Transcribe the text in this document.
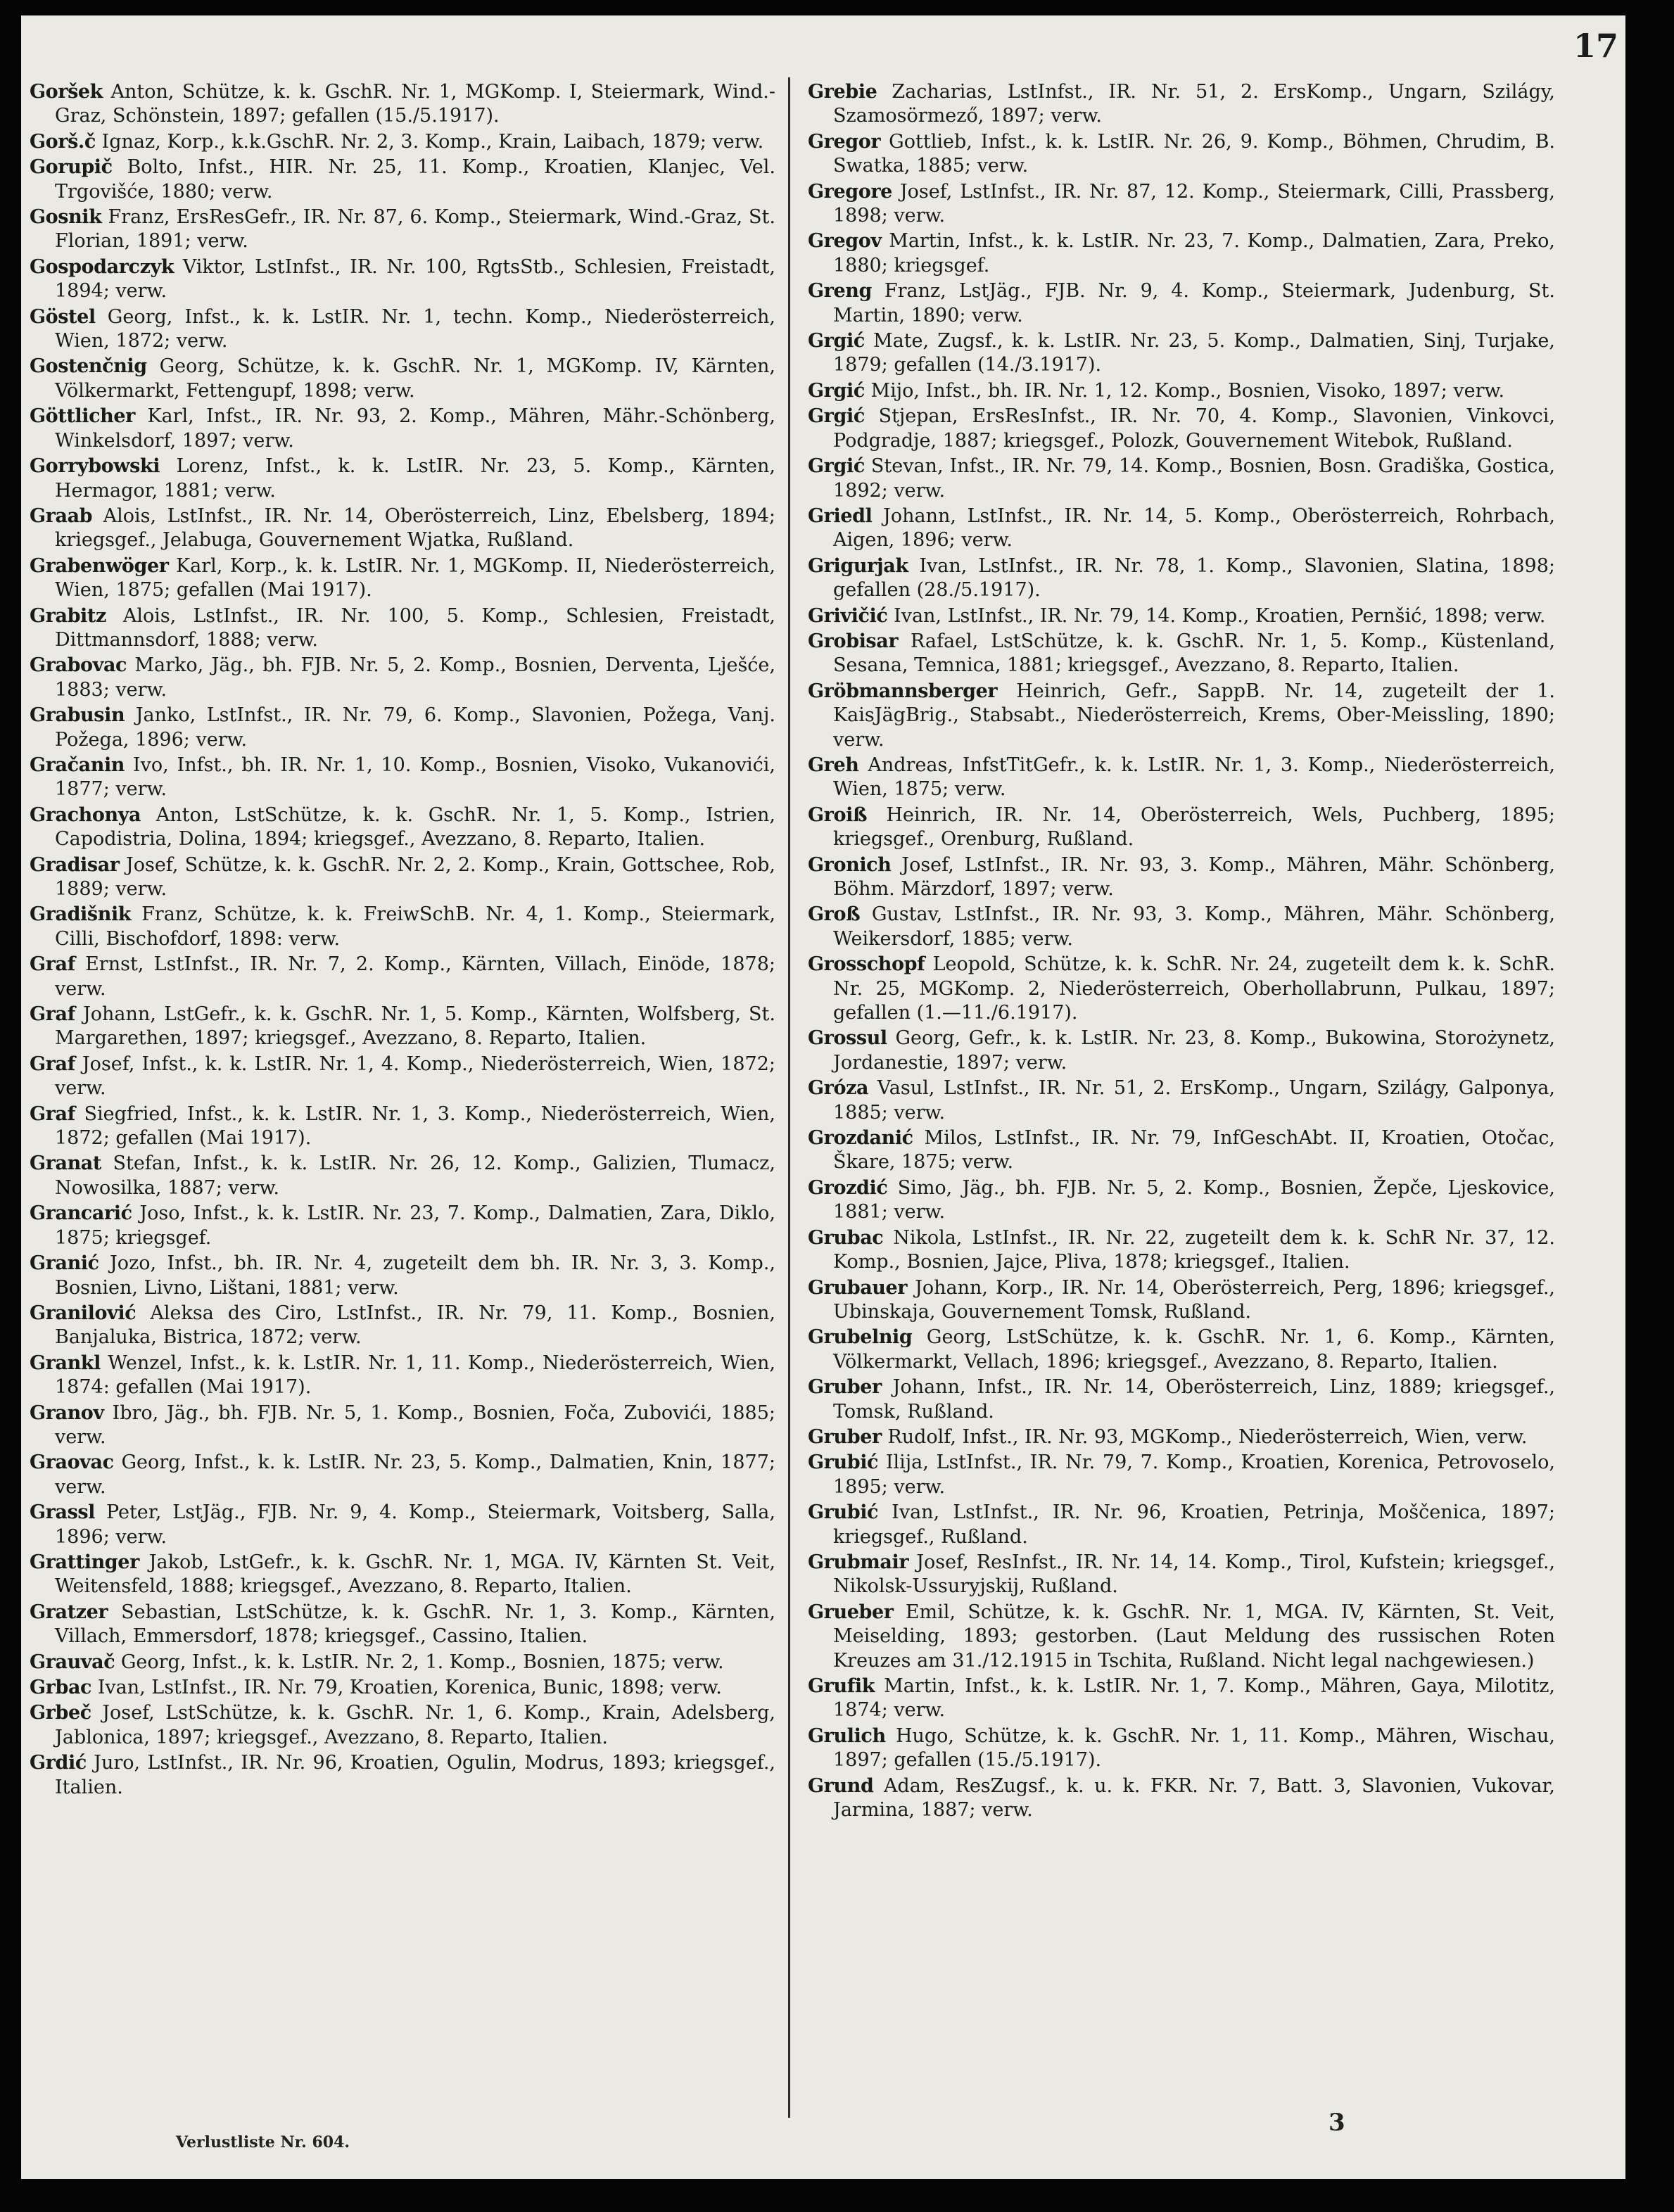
17

Goršek Anton, Schütze, k. k. GschR. Nr. 1, MGKomp. I, Steiermark, Wind.-Graz, Schönstein, 1897; gefallen (15./5.1917).

Gorš.č Ignaz, Korp., k.k.GschR. Nr. 2, 3. Komp., Krain, Laibach, 1879; verw.

Gorupič Bolto, Infst., HIR. Nr. 25, 11. Komp., Kroatien, Klanjec, Vel. Trgovišće, 1880; verw.

Gosnik Franz, ErsResGefr., IR. Nr. 87, 6. Komp., Steiermark, Wind.-Graz, St. Florian, 1891; verw.

Gospodarczyk Viktor, LstInfst., IR. Nr. 100, RgtsStb., Schlesien, Freistadt, 1894; verw.

Göstel Georg, Infst., k. k. LstIR. Nr. 1, techn. Komp., Niederösterreich, Wien, 1872; verw.

Gostenčnig Georg, Schütze, k. k. GschR. Nr. 1, MGKomp. IV, Kärnten, Völkermarkt, Fettengupf, 1898; verw.

Göttlicher Karl, Infst., IR. Nr. 93, 2. Komp., Mähren, Mähr.-Schönberg, Winkelsdorf, 1897; verw.

Gorrybowski Lorenz, Infst., k. k. LstIR. Nr. 23, 5. Komp., Kärnten, Hermagor, 1881; verw.

Graab Alois, LstInfst., IR. Nr. 14, Oberösterreich, Linz, Ebelsberg, 1894; kriegsgef., Jelabuga, Gouvernement Wjatka, Rußland.

Grabenwöger Karl, Korp., k. k. LstIR. Nr. 1, MGKomp. II, Niederösterreich, Wien, 1875; gefallen (Mai 1917).

Grabitz Alois, LstInfst., IR. Nr. 100, 5. Komp., Schlesien, Freistadt, Dittmannsdorf, 1888; verw.

Grabovac Marko, Jäg., bh. FJB. Nr. 5, 2. Komp., Bosnien, Derventa, Lješće, 1883; verw.

Grabusin Janko, LstInfst., IR. Nr. 79, 6. Komp., Slavonien, Požega, Vanj. Požega, 1896; verw.

Gračanin Ivo, Infst., bh. IR. Nr. 1, 10. Komp., Bosnien, Visoko, Vukanovići, 1877; verw.

Grachonya Anton, LstSchütze, k. k. GschR. Nr. 1, 5. Komp., Istrien, Capodistria, Dolina, 1894; kriegsgef., Avezzano, 8. Reparto, Italien.

Gradisar Josef, Schütze, k. k. GschR. Nr. 2, 2. Komp., Krain, Gottschee, Rob, 1889; verw.

Gradišnik Franz, Schütze, k. k. FreiwSchB. Nr. 4, 1. Komp., Steiermark, Cilli, Bischofdorf, 1898: verw.

Graf Ernst, LstInfst., IR. Nr. 7, 2. Komp., Kärnten, Villach, Einöde, 1878; verw.

Graf Johann, LstGefr., k. k. GschR. Nr. 1, 5. Komp., Kärnten, Wolfsberg, St. Margarethen, 1897; kriegsgef., Avezzano, 8. Reparto, Italien.

Graf Josef, Infst., k. k. LstIR. Nr. 1, 4. Komp., Niederösterreich, Wien, 1872; verw.

Graf Siegfried, Infst., k. k. LstIR. Nr. 1, 3. Komp., Niederösterreich, Wien, 1872; gefallen (Mai 1917).

Granat Stefan, Infst., k. k. LstIR. Nr. 26, 12. Komp., Galizien, Tlumacz, Nowosilka, 1887; verw.

Grancarić Joso, Infst., k. k. LstIR. Nr. 23, 7. Komp., Dalmatien, Zara, Diklo, 1875; kriegsgef.

Granić Jozo, Infst., bh. IR. Nr. 4, zugeteilt dem bh. IR. Nr. 3, 3. Komp., Bosnien, Livno, Lištani, 1881; verw.

Granilović Aleksa des Ciro, LstInfst., IR. Nr. 79, 11. Komp., Bosnien, Banjaluka, Bistrica, 1872; verw.

Grankl Wenzel, Infst., k. k. LstIR. Nr. 1, 11. Komp., Niederösterreich, Wien, 1874: gefallen (Mai 1917).

Granov Ibro, Jäg., bh. FJB. Nr. 5, 1. Komp., Bosnien, Foča, Zubovići, 1885; verw.

Graovac Georg, Infst., k. k. LstIR. Nr. 23, 5. Komp., Dalmatien, Knin, 1877; verw.

Grassl Peter, LstJäg., FJB. Nr. 9, 4. Komp., Steiermark, Voitsberg, Salla, 1896; verw.

Grattinger Jakob, LstGefr., k. k. GschR. Nr. 1, MGA. IV, Kärnten St. Veit, Weitensfeld, 1888; kriegsgef., Avezzano, 8. Reparto, Italien.

Gratzer Sebastian, LstSchütze, k. k. GschR. Nr. 1, 3. Komp., Kärnten, Villach, Emmersdorf, 1878; kriegsgef., Cassino, Italien.

Grauvač Georg, Infst., k. k. LstIR. Nr. 2, 1. Komp., Bosnien, 1875; verw.

Grbac Ivan, LstInfst., IR. Nr. 79, Kroatien, Korenica, Bunic, 1898; verw.

Grbeč Josef, LstSchütze, k. k. GschR. Nr. 1, 6. Komp., Krain, Adelsberg, Jablonica, 1897; kriegsgef., Avezzano, 8. Reparto, Italien.

Grdić Juro, LstInfst., IR. Nr. 96, Kroatien, Ogulin, Modrus, 1893; kriegsgef., Italien.

Grebie Zacharias, LstInfst., IR. Nr. 51, 2. ErsKomp., Ungarn, Szilágy, Szamosörmező, 1897; verw.

Gregor Gottlieb, Infst., k. k. LstIR. Nr. 26, 9. Komp., Böhmen, Chrudim, B. Swatka, 1885; verw.

Gregore Josef, LstInfst., IR. Nr. 87, 12. Komp., Steiermark, Cilli, Prassberg, 1898; verw.

Gregov Martin, Infst., k. k. LstIR. Nr. 23, 7. Komp., Dalmatien, Zara, Preko, 1880; kriegsgef.

Greng Franz, LstJäg., FJB. Nr. 9, 4. Komp., Steiermark, Judenburg, St. Martin, 1890; verw.

Grgić Mate, Zugsf., k. k. LstIR. Nr. 23, 5. Komp., Dalmatien, Sinj, Turjake, 1879; gefallen (14./3.1917).

Grgić Mijo, Infst., bh. IR. Nr. 1, 12. Komp., Bosnien, Visoko, 1897; verw.

Grgić Stjepan, ErsResInfst., IR. Nr. 70, 4. Komp., Slavonien, Vinkovci, Podgradje, 1887; kriegsgef., Polozk, Gouvernement Witebok, Rußland.

Grgić Stevan, Infst., IR. Nr. 79, 14. Komp., Bosnien, Bosn. Gradiška, Gostica, 1892; verw.

Griedl Johann, LstInfst., IR. Nr. 14, 5. Komp., Oberösterreich, Rohrbach, Aigen, 1896; verw.

Grigurjak Ivan, LstInfst., IR. Nr. 78, 1. Komp., Slavonien, Slatina, 1898; gefallen (28./5.1917).

Grivičić Ivan, LstInfst., IR. Nr. 79, 14. Komp., Kroatien, Pernšić, 1898; verw.

Grobisar Rafael, LstSchütze, k. k. GschR. Nr. 1, 5. Komp., Küstenland, Sesana, Temnica, 1881; kriegsgef., Avezzano, 8. Reparto, Italien.

Gröbmannsberger Heinrich, Gefr., SappB. Nr. 14, zugeteilt der 1. KaisJägBrig., Stabsabt., Niederösterreich, Krems, Ober-Meissling, 1890; verw.

Greh Andreas, InfstTitGefr., k. k. LstIR. Nr. 1, 3. Komp., Niederösterreich, Wien, 1875; verw.

Groiß Heinrich, IR. Nr. 14, Oberösterreich, Wels, Puchberg, 1895; kriegsgef., Orenburg, Rußland.

Gronich Josef, LstInfst., IR. Nr. 93, 3. Komp., Mähren, Mähr. Schönberg, Böhm. Märzdorf, 1897; verw.

Groß Gustav, LstInfst., IR. Nr. 93, 3. Komp., Mähren, Mähr. Schönberg, Weikersdorf, 1885; verw.

Grosschopf Leopold, Schütze, k. k. SchR. Nr. 24, zugeteilt dem k. k. SchR. Nr. 25, MGKomp. 2, Niederösterreich, Oberhollabrunn, Pulkau, 1897; gefallen (1.—11./6.1917).

Grossul Georg, Gefr., k. k. LstIR. Nr. 23, 8. Komp., Bukowina, Storożynetz, Jordanestie, 1897; verw.

Gróza Vasul, LstInfst., IR. Nr. 51, 2. ErsKomp., Ungarn, Szilágy, Galponya, 1885; verw.

Grozdanić Milos, LstInfst., IR. Nr. 79, InfGeschAbt. II, Kroatien, Otočac, Škare, 1875; verw.

Grozdić Simo, Jäg., bh. FJB. Nr. 5, 2. Komp., Bosnien, Žepče, Ljeskovice, 1881; verw.

Grubac Nikola, LstInfst., IR. Nr. 22, zugeteilt dem k. k. SchR Nr. 37, 12. Komp., Bosnien, Jajce, Pliva, 1878; kriegsgef., Italien.

Grubauer Johann, Korp., IR. Nr. 14, Oberösterreich, Perg, 1896; kriegsgef., Ubinskaja, Gouvernement Tomsk, Rußland.

Grubelnig Georg, LstSchütze, k. k. GschR. Nr. 1, 6. Komp., Kärnten, Völkermarkt, Vellach, 1896; kriegsgef., Avezzano, 8. Reparto, Italien.

Gruber Johann, Infst., IR. Nr. 14, Oberösterreich, Linz, 1889; kriegsgef., Tomsk, Rußland.

Gruber Rudolf, Infst., IR. Nr. 93, MGKomp., Niederösterreich, Wien, verw.

Grubić Ilija, LstInfst., IR. Nr. 79, 7. Komp., Kroatien, Korenica, Petrovoselo, 1895; verw.

Grubić Ivan, LstInfst., IR. Nr. 96, Kroatien, Petrinja, Moščenica, 1897; kriegsgef., Rußland.

Grubmair Josef, ResInfst., IR. Nr. 14, 14. Komp., Tirol, Kufstein; kriegsgef., Nikolsk-Ussuryjskij, Rußland.

Grueber Emil, Schütze, k. k. GschR. Nr. 1, MGA. IV, Kärnten, St. Veit, Meiselding, 1893; gestorben. (Laut Meldung des russischen Roten Kreuzes am 31./12.1915 in Tschita, Rußland. Nicht legal nachgewiesen.)

Grufik Martin, Infst., k. k. LstIR. Nr. 1, 7. Komp., Mähren, Gaya, Milotitz, 1874; verw.

Grulich Hugo, Schütze, k. k. GschR. Nr. 1, 11. Komp., Mähren, Wischau, 1897; gefallen (15./5.1917).

Grund Adam, ResZugsf., k. u. k. FKR. Nr. 7, Batt. 3, Slavonien, Vukovar, Jarmina, 1887; verw.

Verlustliste Nr. 604.
3
